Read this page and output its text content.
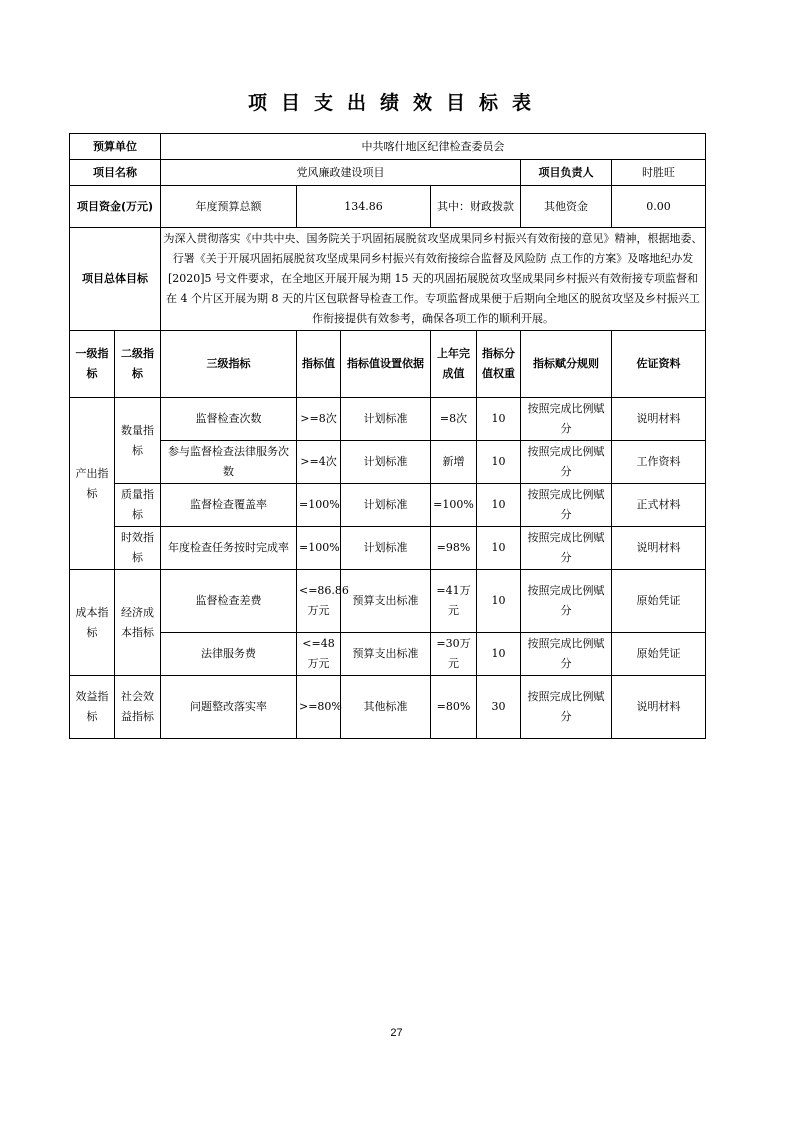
项目支出绩效目标表
预算单位		中共喀什地区纪律检查委员会						
项目名称		党风廉政建设项目					项目负责人	时胜旺
项目资金(万元)		年度预算总额	134.86		其中：财政拨款		其他资金	0.00
项目总体目标		为深入贯彻落实《中共中央、国务院关于巩固拓展脱贫攻坚成果同乡村振兴有效衔接的意见》精神，根据地委、行署《关于开展巩固拓展脱贫攻坚成果同乡村振兴有效衔接综合监督及风险防 点工作的方案》及喀地纪办发[2020]5 号文件要求，在全地区开展开展为期 15 天的巩固拓展脱贫攻坚成果同乡村振兴有效衔接专项监督和在 4 个片区开展为期 8 天的片区包联督导检查工作。专项监督成果便于后期向全地区的脱贫攻坚及乡村振兴工作衔接提供有效参考，确保各项工作的顺利开展。						
一级指标	二级指标	三级指标	指标值	指标值设置依据	上年完成值	指标分值权重	指标赋分规则	佐证资料
产出指标	数量指标	监督检查次数	>=8次	计划标准	=8次	10	按照完成比例赋分	说明材料
		参与监督检查法律服务次数	>=4次	计划标准	新增	10	按照完成比例赋分	工作资料
	质量指标	监督检查覆盖率	=100%	计划标准	=100%	10	按照完成比例赋分	正式材料
	时效指标	年度检查任务按时完成率	=100%	计划标准	=98%	10	按照完成比例赋分	说明材料
成本指标	经济成本指标	监督检查差费	<=86.86万元	预算支出标准	=41万元	10	按照完成比例赋分	原始凭证
		法律服务费	<=48万元	预算支出标准	=30万元	10	按照完成比例赋分	原始凭证
效益指标	社会效益指标	问题整改落实率	>=80%	其他标准	=80%	30	按照完成比例赋分	说明材料
27
